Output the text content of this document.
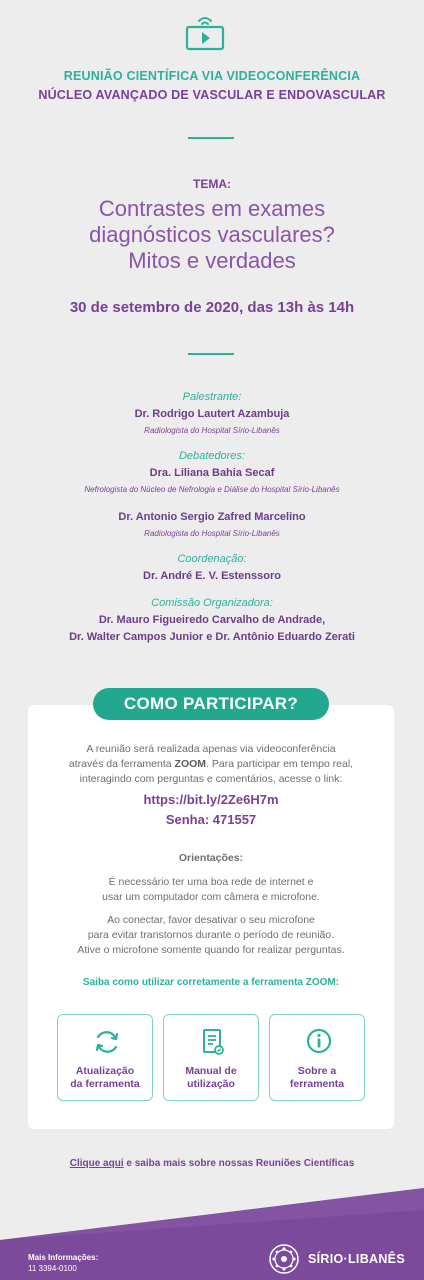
REUNIÃO CIENTÍFICA VIA VIDEOCONFERÊNCIA
NÚCLEO AVANÇADO DE VASCULAR E ENDOVASCULAR
TEMA:
Contrastes em exames
diagnósticos vasculares?
Mitos e verdades
30 de setembro de 2020, das 13h às 14h
Palestrante:
Dr. Rodrigo Lautert Azambuja
Radiologista do Hospital Sírio-Libanês
Debatedores:
Dra. Liliana Bahia Secaf
Nefrologista do Núcleo de Nefrologia e Diálise do Hospital Sírio-Libanês
Dr. Antonio Sergio Zafred Marcelino
Radiologista do Hospital Sírio-Libanês
Coordenação:
Dr. André E. V. Estenssoro
Comissão Organizadora:
Dr. Mauro Figueiredo Carvalho de Andrade,
Dr. Walter Campos Junior e Dr. Antônio Eduardo Zerati
COMO PARTICIPAR?
A reunião será realizada apenas via videoconferência
através da ferramenta ZOOM. Para participar em tempo real,
interagindo com perguntas e comentários, acesse o link:
https://bit.ly/2Ze6H7m
Senha: 471557
Orientações:
É necessário ter uma boa rede de internet e
usar um computador com câmera e microfone.
Ao conectar, favor desativar o seu microfone
para evitar transtornos durante o período de reunião.
Ative o microfone somente quando for realizar perguntas.
Saiba como utilizar corretamente a ferramenta ZOOM:
Atualização
da ferramenta
Manual de
utilização
Sobre a
ferramenta
Clique aqui e saiba mais sobre nossas Reuniões Científicas
Mais Informações:
11 3394-0100
SÍRIO·LIBANÊS
